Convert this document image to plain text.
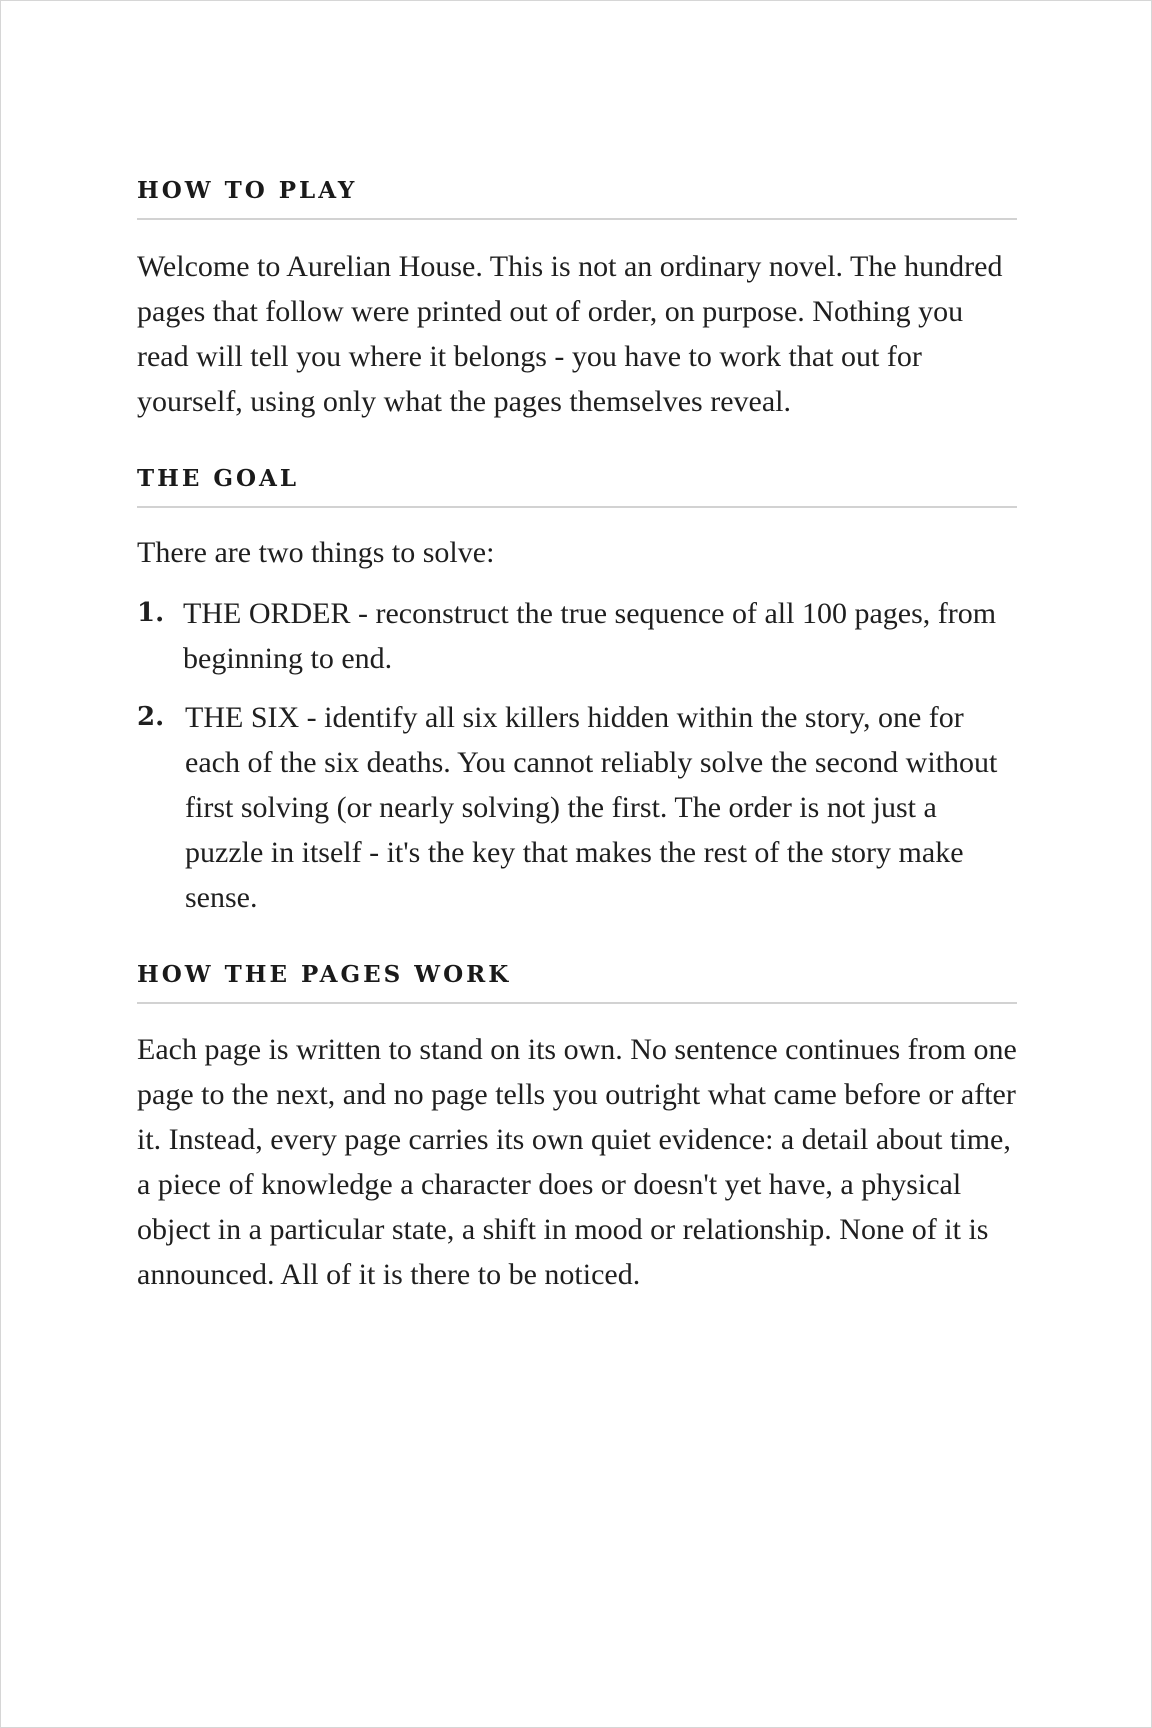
HOW TO PLAY

Welcome to Aurelian House. This is not an ordinary novel. The hundred pages that follow were printed out of order, on purpose. Nothing you read will tell you where it belongs - you have to work that out for yourself, using only what the pages themselves reveal.

THE GOAL

There are two things to solve:

1. THE ORDER - reconstruct the true sequence of all 100 pages, from beginning to end.
2. THE SIX - identify all six killers hidden within the story, one for each of the six deaths. You cannot reliably solve the second without first solving (or nearly solving) the first. The order is not just a puzzle in itself - it's the key that makes the rest of the story make sense.
HOW THE PAGES WORK

Each page is written to stand on its own. No sentence continues from one page to the next, and no page tells you outright what came before or after it. Instead, every page carries its own quiet evidence: a detail about time, a piece of knowledge a character does or doesn't yet have, a physical object in a particular state, a shift in mood or relationship. None of it is announced. All of it is there to be noticed.
